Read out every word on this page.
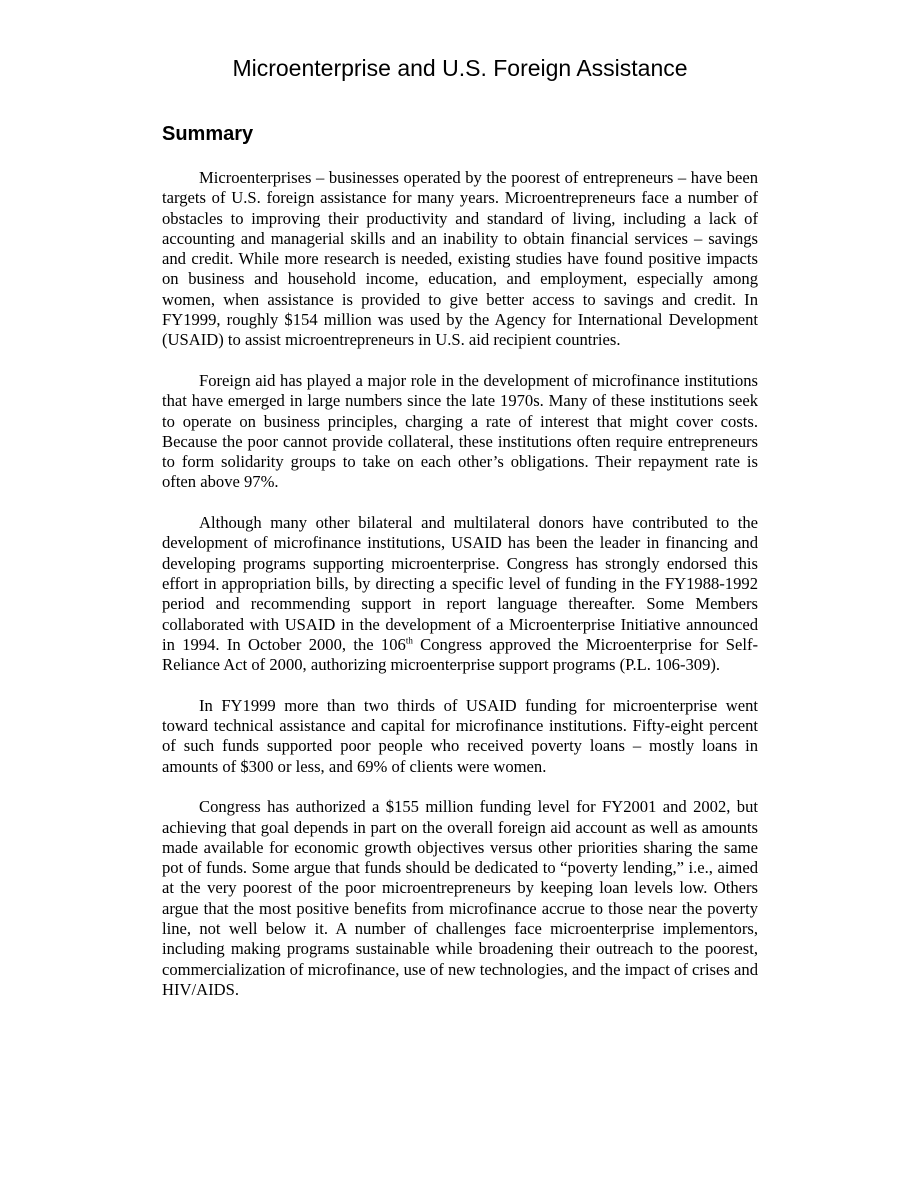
Microenterprise and U.S. Foreign Assistance
Summary

Microenterprises – businesses operated by the poorest of entrepreneurs – have been targets of U.S. foreign assistance for many years. Microentrepreneurs face a number of obstacles to improving their productivity and standard of living, including a lack of accounting and managerial skills and an inability to obtain financial services – savings and credit. While more research is needed, existing studies have found positive impacts on business and household income, education, and employment, especially among women, when assistance is provided to give better access to savings and credit. In FY1999, roughly $154 million was used by the Agency for International Development (USAID) to assist microentrepreneurs in U.S. aid recipient countries.

Foreign aid has played a major role in the development of microfinance institutions that have emerged in large numbers since the late 1970s. Many of these institutions seek to operate on business principles, charging a rate of interest that might cover costs. Because the poor cannot provide collateral, these institutions often require entrepreneurs to form solidarity groups to take on each other’s obligations. Their repayment rate is often above 97%.

Although many other bilateral and multilateral donors have contributed to the development of microfinance institutions, USAID has been the leader in financing and developing programs supporting microenterprise. Congress has strongly endorsed this effort in appropriation bills, by directing a specific level of funding in the FY1988-1992 period and recommending support in report language thereafter. Some Members collaborated with USAID in the development of a Microenterprise Initiative announced in 1994. In October 2000, the 106th Congress approved the Microenterprise for Self-Reliance Act of 2000, authorizing microenterprise support programs (P.L. 106-309).

In FY1999 more than two thirds of USAID funding for microenterprise went toward technical assistance and capital for microfinance institutions. Fifty-eight percent of such funds supported poor people who received poverty loans – mostly loans in amounts of $300 or less, and 69% of clients were women.

Congress has authorized a $155 million funding level for FY2001 and 2002, but achieving that goal depends in part on the overall foreign aid account as well as amounts made available for economic growth objectives versus other priorities sharing the same pot of funds. Some argue that funds should be dedicated to “poverty lending,” i.e., aimed at the very poorest of the poor microentrepreneurs by keeping loan levels low. Others argue that the most positive benefits from microfinance accrue to those near the poverty line, not well below it. A number of challenges face microenterprise implementors, including making programs sustainable while broadening their outreach to the poorest, commercialization of microfinance, use of new technologies, and the impact of crises and HIV/AIDS.
